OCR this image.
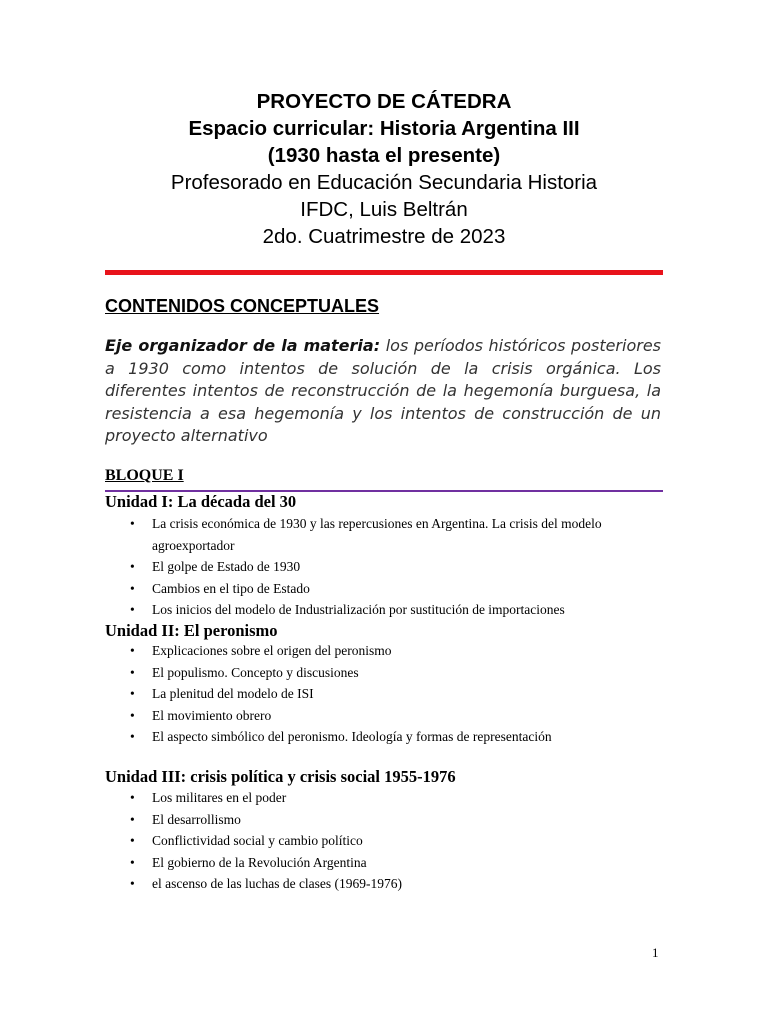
PROYECTO DE CÁTEDRA
Espacio curricular: Historia Argentina III
(1930 hasta el presente)
Profesorado en Educación Secundaria Historia
IFDC, Luis Beltrán
2do. Cuatrimestre de 2023
CONTENIDOS CONCEPTUALES

Eje organizador de la materia: los períodos históricos posteriores a 1930 como intentos de solución de la crisis orgánica. Los diferentes intentos de reconstrucción de la hegemonía burguesa, la resistencia a esa hegemonía y los intentos de construcción de un proyecto alternativo

BLOQUE I
Unidad I: La década del 30
• La crisis económica de 1930 y las repercusiones en Argentina. La crisis del modelo agroexportador
• El golpe de Estado de 1930
• Cambios en el tipo de Estado
• Los inicios del modelo de Industrialización por sustitución de importaciones
Unidad II: El peronismo
• Explicaciones sobre el origen del peronismo
• El populismo. Concepto y discusiones
• La plenitud del modelo de ISI
• El movimiento obrero
• El aspecto simbólico del peronismo. Ideología y formas de representación
Unidad III: crisis política y crisis social 1955-1976
• Los militares en el poder
• El desarrollismo
• Conflictividad social y cambio político
• El gobierno de la Revolución Argentina
• el ascenso de las luchas de clases (1969-1976)
1
